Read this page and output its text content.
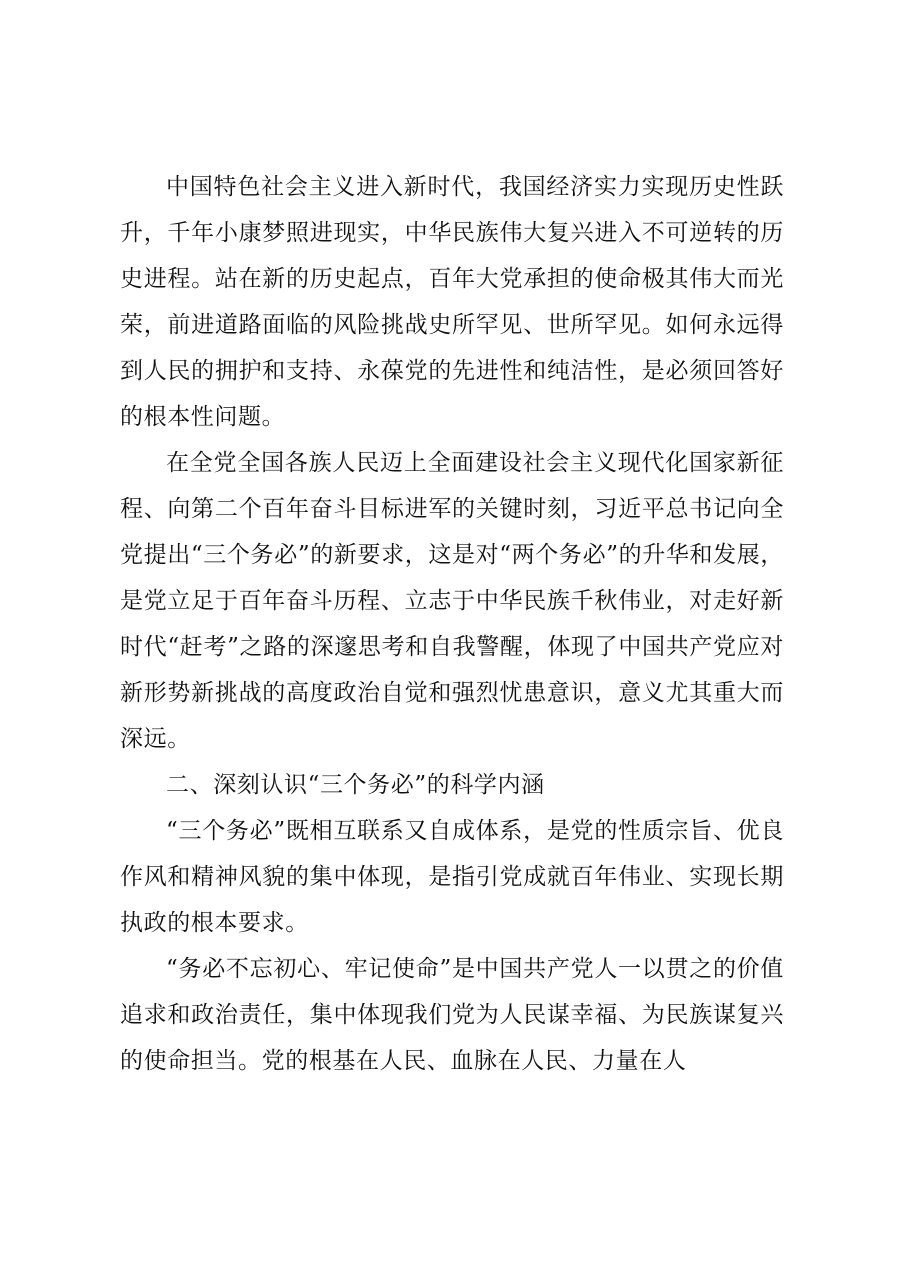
中国特色社会主义进入新时代，我国经济实力实现历史性跃升，千年小康梦照进现实，中华民族伟大复兴进入不可逆转的历史进程。站在新的历史起点，百年大党承担的使命极其伟大而光荣，前进道路面临的风险挑战史所罕见、世所罕见。如何永远得到人民的拥护和支持、永葆党的先进性和纯洁性，是必须回答好的根本性问题。

在全党全国各族人民迈上全面建设社会主义现代化国家新征程、向第二个百年奋斗目标进军的关键时刻，习近平总书记向全党提出“三个务必”的新要求，这是对“两个务必”的升华和发展，是党立足于百年奋斗历程、立志于中华民族千秋伟业，对走好新时代“赶考”之路的深邃思考和自我警醒，体现了中国共产党应对新形势新挑战的高度政治自觉和强烈忧患意识，意义尤其重大而深远。

二、深刻认识“三个务必”的科学内涵

“三个务必”既相互联系又自成体系，是党的性质宗旨、优良作风和精神风貌的集中体现，是指引党成就百年伟业、实现长期执政的根本要求。

“务必不忘初心、牢记使命”是中国共产党人一以贯之的价值追求和政治责任，集中体现我们党为人民谋幸福、为民族谋复兴的使命担当。党的根基在人民、血脉在人民、力量在人
